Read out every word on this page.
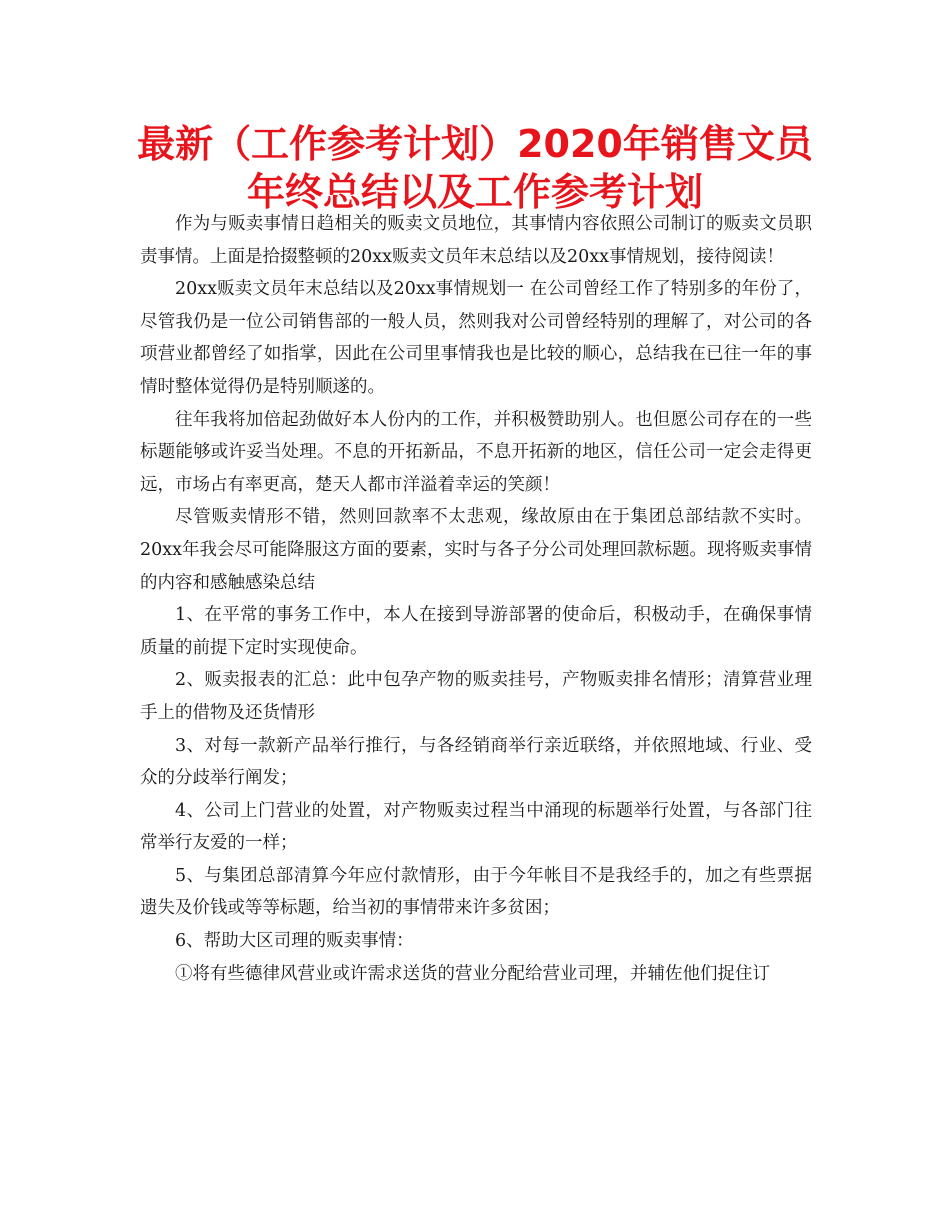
最新（工作参考计划）2020年销售文员年终总结以及工作参考计划

作为与贩卖事情日趋相关的贩卖文员地位，其事情内容依照公司制订的贩卖文员职责事情。上面是拾掇整顿的20xx贩卖文员年末总结以及20xx事情规划，接待阅读！

20xx贩卖文员年末总结以及20xx事情规划一 在公司曾经工作了特别多的年份了，尽管我仍是一位公司销售部的一般人员，然则我对公司曾经特别的理解了，对公司的各项营业都曾经了如指掌，因此在公司里事情我也是比较的顺心，总结我在已往一年的事情时整体觉得仍是特别顺遂的。

往年我将加倍起劲做好本人份内的工作，并积极赞助别人。也但愿公司存在的一些标题能够或许妥当处理。不息的开拓新品，不息开拓新的地区，信任公司一定会走得更远，市场占有率更高，楚天人都市洋溢着幸运的笑颜！

尽管贩卖情形不错，然则回款率不太悲观，缘故原由在于集团总部结款不实时。20xx年我会尽可能降服这方面的要素，实时与各子分公司处理回款标题。现将贩卖事情的内容和感触感染总结

1、在平常的事务工作中，本人在接到导游部署的使命后，积极动手，在确保事情质量的前提下定时实现使命。

2、贩卖报表的汇总：此中包孕产物的贩卖挂号，产物贩卖排名情形；清算营业理手上的借物及还货情形

3、对每一款新产品举行推行，与各经销商举行亲近联络，并依照地域、行业、受众的分歧举行阐发；

4、公司上门营业的处置，对产物贩卖过程当中涌现的标题举行处置，与各部门往常举行友爱的一样；

5、与集团总部清算今年应付款情形，由于今年帐目不是我经手的，加之有些票据遗失及价钱或等等标题，给当初的事情带来许多贫困；

6、帮助大区司理的贩卖事情：

①将有些德律风营业或许需求送货的营业分配给营业司理，并辅佐他们捉住订
